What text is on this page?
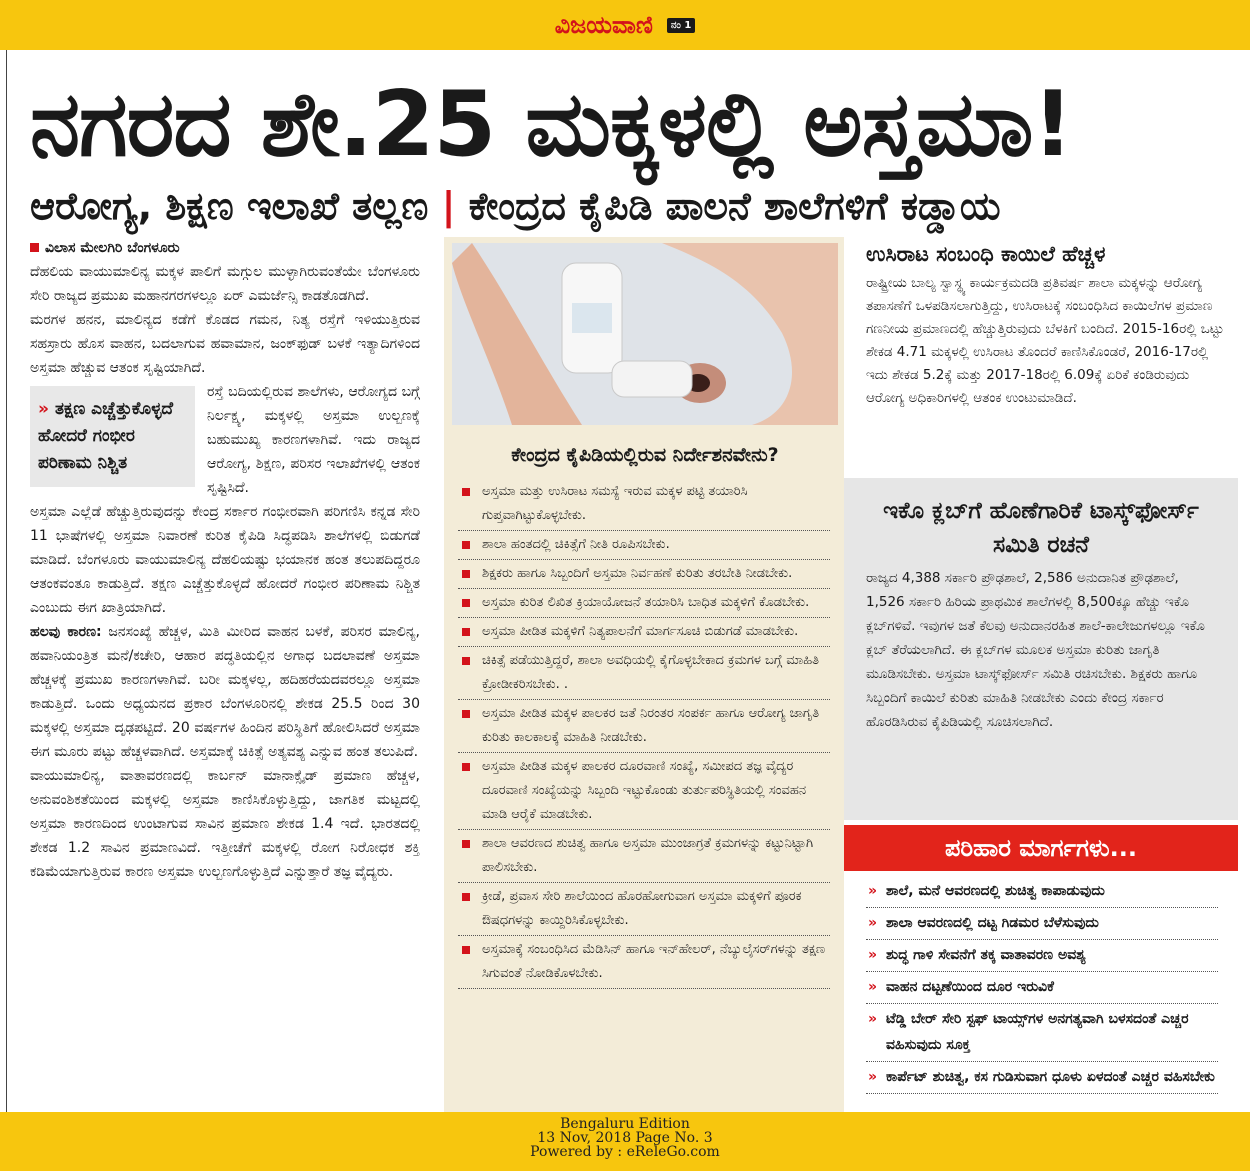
ವಿಜಯವಾಣಿ	ನಂ 1
ನಗರದ ಶೇ.25 ಮಕ್ಕಳಲ್ಲಿ ಅಸ್ತಮಾ!
ಆರೋಗ್ಯ, ಶಿಕ್ಷಣ ಇಲಾಖೆ ತಲ್ಲಣ | ಕೇಂದ್ರದ ಕೈಪಿಡಿ ಪಾಲನೆ ಶಾಲೆಗಳಿಗೆ ಕಡ್ಡಾಯ

ವಿಲಾಸ ಮೇಲಗಿರಿ ಬೆಂಗಳೂರು

ದೆಹಲಿಯ ವಾಯುಮಾಲಿನ್ಯ ಮಕ್ಕಳ ಪಾಲಿಗೆ ಮಗ್ಗುಲ ಮುಳ್ಳಾಗಿರುವಂತೆಯೇ ಬೆಂಗಳೂರು ಸೇರಿ ರಾಜ್ಯದ ಪ್ರಮುಖ ಮಹಾನಗರಗಳಲ್ಲೂ ಏರ್ ಎಮರ್ಜೆನ್ಸಿ ಕಾಡತೊಡಗಿದೆ.

ಮರಗಳ ಹನನ, ಮಾಲಿನ್ಯದ ಕಡೆಗೆ ಕೊಡದ ಗಮನ, ನಿತ್ಯ ರಸ್ತೆಗೆ ಇಳಿಯುತ್ತಿರುವ ಸಹಸ್ರಾರು ಹೊಸ ವಾಹನ, ಬದಲಾಗುವ ಹವಾಮಾನ, ಜಂಕ್‌ಫುಡ್ ಬಳಕೆ ಇತ್ಯಾದಿಗಳಿಂದ ಅಸ್ತಮಾ ಹೆಚ್ಚುವ ಆತಂಕ ಸೃಷ್ಟಿಯಾಗಿದೆ.

» ತಕ್ಷಣ ಎಚ್ಚೆತ್ತುಕೊಳ್ಳದೆ ಹೋದರೆ ಗಂಭೀರ ಪರಿಣಾಮ ನಿಶ್ಚಿತ

ರಸ್ತೆ ಬದಿಯಲ್ಲಿರುವ ಶಾಲೆಗಳು, ಆರೋಗ್ಯದ ಬಗ್ಗೆ ನಿರ್ಲಕ್ಷ್ಯ, ಮಕ್ಕಳಲ್ಲಿ ಅಸ್ತಮಾ ಉಲ್ಬಣಕ್ಕೆ ಬಹುಮುಖ್ಯ ಕಾರಣಗಳಾಗಿವೆ. ಇದು ರಾಜ್ಯದ ಆರೋಗ್ಯ, ಶಿಕ್ಷಣ, ಪರಿಸರ ಇಲಾಖೆಗಳಲ್ಲಿ ಆತಂಕ ಸೃಷ್ಟಿಸಿದೆ.

ಅಸ್ತಮಾ ಎಲ್ಲೆಡೆ ಹೆಚ್ಚುತ್ತಿರುವುದನ್ನು ಕೇಂದ್ರ ಸರ್ಕಾರ ಗಂಭೀರವಾಗಿ ಪರಿಗಣಿಸಿ ಕನ್ನಡ ಸೇರಿ 11 ಭಾಷೆಗಳಲ್ಲಿ ಅಸ್ತಮಾ ನಿವಾರಣೆ ಕುರಿತ ಕೈಪಿಡಿ ಸಿದ್ಧಪಡಿಸಿ ಶಾಲೆಗಳಲ್ಲಿ ಬಿಡುಗಡೆ ಮಾಡಿದೆ. ಬೆಂಗಳೂರು ವಾಯುಮಾಲಿನ್ಯ ದೆಹಲಿಯಷ್ಟು ಭಯಾನಕ ಹಂತ ತಲುಪದಿದ್ದರೂ ಆತಂಕವಂತೂ ಕಾಡುತ್ತಿದೆ. ತಕ್ಷಣ ಎಚ್ಚೆತ್ತುಕೊಳ್ಳದೆ ಹೋದರೆ ಗಂಭೀರ ಪರಿಣಾಮ ನಿಶ್ಚಿತ ಎಂಬುದು ಈಗ ಖಾತ್ರಿಯಾಗಿದೆ.

ಹಲವು ಕಾರಣ: ಜನಸಂಖ್ಯೆ ಹೆಚ್ಚಳ, ಮಿತಿ ಮೀರಿದ ವಾಹನ ಬಳಕೆ, ಪರಿಸರ ಮಾಲಿನ್ಯ, ಹವಾನಿಯಂತ್ರಿತ ಮನೆ/ಕಚೇರಿ, ಆಹಾರ ಪದ್ಧತಿಯಲ್ಲಿನ ಅಗಾಧ ಬದಲಾವಣೆ ಅಸ್ತಮಾ ಹೆಚ್ಚಳಕ್ಕೆ ಪ್ರಮುಖ ಕಾರಣಗಳಾಗಿವೆ. ಬರೀ ಮಕ್ಕಳಲ್ಲ, ಹದಿಹರೆಯದವರಲ್ಲೂ ಅಸ್ತಮಾ ಕಾಡುತ್ತಿದೆ. ಒಂದು ಅಧ್ಯಯನದ ಪ್ರಕಾರ ಬೆಂಗಳೂರಿನಲ್ಲಿ ಶೇಕಡ 25.5 ರಿಂದ 30 ಮಕ್ಕಳಲ್ಲಿ ಅಸ್ತಮಾ ದೃಢಪಟ್ಟಿದೆ. 20 ವರ್ಷಗಳ ಹಿಂದಿನ ಪರಿಸ್ಥಿತಿಗೆ ಹೋಲಿಸಿದರೆ ಅಸ್ತಮಾ ಈಗ ಮೂರು ಪಟ್ಟು ಹೆಚ್ಚಳವಾಗಿದೆ. ಅಸ್ತಮಾಕ್ಕೆ ಚಿಕಿತ್ಸೆ ಅತ್ಯವಶ್ಯ ಎನ್ನುವ ಹಂತ ತಲುಪಿದೆ.

ವಾಯುಮಾಲಿನ್ಯ, ವಾತಾವರಣದಲ್ಲಿ ಕಾರ್ಬನ್ ಮಾನಾಕ್ಸೈಡ್ ಪ್ರಮಾಣ ಹೆಚ್ಚಳ, ಅನುವಂಶಿಕತೆಯಿಂದ ಮಕ್ಕಳಲ್ಲಿ ಅಸ್ತಮಾ ಕಾಣಿಸಿಕೊಳ್ಳುತ್ತಿದ್ದು, ಜಾಗತಿಕ ಮಟ್ಟದಲ್ಲಿ ಅಸ್ತಮಾ ಕಾರಣದಿಂದ ಉಂಟಾಗುವ ಸಾವಿನ ಪ್ರಮಾಣ ಶೇಕಡ 1.4 ಇದೆ. ಭಾರತದಲ್ಲಿ ಶೇಕಡ 1.2 ಸಾವಿನ ಪ್ರಮಾಣವಿದೆ. ಇತ್ತೀಚೆಗೆ ಮಕ್ಕಳಲ್ಲಿ ರೋಗ ನಿರೋಧಕ ಶಕ್ತಿ ಕಡಿಮೆಯಾಗುತ್ತಿರುವ ಕಾರಣ ಅಸ್ತಮಾ ಉಲ್ಬಣಗೊಳ್ಳುತ್ತಿದೆ ಎನ್ನುತ್ತಾರೆ ತಜ್ಞ ವೈದ್ಯರು.

ಕೇಂದ್ರದ ಕೈಪಿಡಿಯಲ್ಲಿರುವ ನಿರ್ದೇಶನವೇನು?
ಅಸ್ತಮಾ ಮತ್ತು ಉಸಿರಾಟ ಸಮಸ್ಯೆ ಇರುವ ಮಕ್ಕಳ ಪಟ್ಟಿ ತಯಾರಿಸಿ ಗುಪ್ತವಾಗಿಟ್ಟುಕೊಳ್ಳಬೇಕು.
ಶಾಲಾ ಹಂತದಲ್ಲಿ ಚಿಕಿತ್ಸೆಗೆ ನೀತಿ ರೂಪಿಸಬೇಕು.
ಶಿಕ್ಷಕರು ಹಾಗೂ ಸಿಬ್ಬಂದಿಗೆ ಅಸ್ತಮಾ ನಿರ್ವಹಣೆ ಕುರಿತು ತರಬೇತಿ ನೀಡಬೇಕು.
ಅಸ್ತಮಾ ಕುರಿತ ಲಿಖಿತ ಕ್ರಿಯಾಯೋಜನೆ ತಯಾರಿಸಿ ಬಾಧಿತ ಮಕ್ಕಳಿಗೆ ಕೊಡಬೇಕು.
ಅಸ್ತಮಾ ಪೀಡಿತ ಮಕ್ಕಳಿಗೆ ನಿತ್ಯಪಾಲನೆಗೆ ಮಾರ್ಗಸೂಚಿ ಬಿಡುಗಡೆ ಮಾಡಬೇಕು.
ಚಿಕಿತ್ಸೆ ಪಡೆಯುತ್ತಿದ್ದರೆ, ಶಾಲಾ ಅವಧಿಯಲ್ಲಿ ಕೈಗೊಳ್ಳಬೇಕಾದ ಕ್ರಮಗಳ ಬಗ್ಗೆ ಮಾಹಿತಿ ಕ್ರೋಡೀಕರಿಸಬೇಕು. .
ಅಸ್ತಮಾ ಪೀಡಿತ ಮಕ್ಕಳ ಪಾಲಕರ ಜತೆ ನಿರಂತರ ಸಂಪರ್ಕ ಹಾಗೂ ಆರೋಗ್ಯ ಜಾಗೃತಿ ಕುರಿತು ಕಾಲಕಾಲಕ್ಕೆ ಮಾಹಿತಿ ನೀಡಬೇಕು.
ಅಸ್ತಮಾ ಪೀಡಿತ ಮಕ್ಕಳ ಪಾಲಕರ ದೂರವಾಣಿ ಸಂಖ್ಯೆ, ಸಮೀಪದ ತಜ್ಞ ವೈದ್ಯರ ದೂರವಾಣಿ ಸಂಖ್ಯೆಯನ್ನು ಸಿಬ್ಬಂದಿ ಇಟ್ಟುಕೊಂಡು ತುರ್ತುಪರಿಸ್ಥಿತಿಯಲ್ಲಿ ಸಂವಹನ ಮಾಡಿ ಆರೈಕೆ ಮಾಡಬೇಕು.
ಶಾಲಾ ಆವರಣದ ಶುಚಿತ್ವ ಹಾಗೂ ಅಸ್ತಮಾ ಮುಂಜಾಗ್ರತೆ ಕ್ರಮಗಳನ್ನು ಕಟ್ಟುನಿಟ್ಟಾಗಿ ಪಾಲಿಸಬೇಕು.
ಕ್ರೀಡೆ, ಪ್ರವಾಸ ಸೇರಿ ಶಾಲೆಯಿಂದ ಹೊರಹೋಗುವಾಗ ಅಸ್ತಮಾ ಮಕ್ಕಳಿಗೆ ಪೂರಕ ಔಷಧಗಳನ್ನು ಕಾಯ್ದಿರಿಸಿಕೊಳ್ಳಬೇಕು.
ಅಸ್ತಮಾಕ್ಕೆ ಸಂಬಂಧಿಸಿದ ಮೆಡಿಸಿನ್ ಹಾಗೂ ಇನ್‌ಹೇಲರ್, ನೆಬ್ಯುಲೈಸರ್‌ಗಳನ್ನು ತಕ್ಷಣ ಸಿಗುವಂತೆ ನೋಡಿಕೊಳಬೇಕು.
ಉಸಿರಾಟ ಸಂಬಂಧಿ ಕಾಯಿಲೆ ಹೆಚ್ಚಳ

ರಾಷ್ಟ್ರೀಯ ಬಾಲ್ಯ ಸ್ವಾಸ್ಥ್ಯ ಕಾರ್ಯಕ್ರಮದಡಿ ಪ್ರತಿವರ್ಷ ಶಾಲಾ ಮಕ್ಕಳನ್ನು ಆರೋಗ್ಯ ತಪಾಸಣೆಗೆ ಒಳಪಡಿಸಲಾಗುತ್ತಿದ್ದು, ಉಸಿರಾಟಕ್ಕೆ ಸಂಬಂಧಿಸಿದ ಕಾಯಿಲೆಗಳ ಪ್ರಮಾಣ ಗಣನೀಯ ಪ್ರಮಾಣದಲ್ಲಿ ಹೆಚ್ಚುತ್ತಿರುವುದು ಬೆಳಕಿಗೆ ಬಂದಿದೆ. 2015-16ರಲ್ಲಿ ಒಟ್ಟು ಶೇಕಡ 4.71 ಮಕ್ಕಳಲ್ಲಿ ಉಸಿರಾಟ ತೊಂದರೆ ಕಾಣಿಸಿಕೊಂಡರೆ, 2016-17ರಲ್ಲಿ ಇದು ಶೇಕಡ 5.2ಕ್ಕೆ ಮತ್ತು 2017-18ರಲ್ಲಿ 6.09ಕ್ಕೆ ಏರಿಕೆ ಕಂಡಿರುವುದು ಆರೋಗ್ಯ ಅಧಿಕಾರಿಗಳಲ್ಲಿ ಆತಂಕ ಉಂಟುಮಾಡಿದೆ.

ಇಕೊ ಕ್ಲಬ್‌ಗೆ ಹೊಣೆಗಾರಿಕೆ ಟಾಸ್ಕ್‌ಫೋರ್ಸ್ ಸಮಿತಿ ರಚನೆ
ರಾಜ್ಯದ 4,388 ಸರ್ಕಾರಿ ಪ್ರೌಢಶಾಲೆ, 2,586 ಅನುದಾನಿತ ಪ್ರೌಢಶಾಲೆ, 1,526 ಸರ್ಕಾರಿ ಹಿರಿಯ ಪ್ರಾಥಮಿಕ ಶಾಲೆಗಳಲ್ಲಿ 8,500ಕ್ಕೂ ಹೆಚ್ಚು ಇಕೊ ಕ್ಲಬ್‌ಗಳಿವೆ. ಇವುಗಳ ಜತೆ ಕೆಲವು ಅನುದಾನರಹಿತ ಶಾಲೆ-ಕಾಲೇಜುಗಳಲ್ಲೂ ಇಕೊ ಕ್ಲಬ್ ತೆರೆಯಲಾಗಿದೆ. ಈ ಕ್ಲಬ್‌ಗಳ ಮೂಲಕ ಅಸ್ತಮಾ ಕುರಿತು ಜಾಗೃತಿ ಮೂಡಿಸಬೇಕು. ಅಸ್ತಮಾ ಟಾಸ್ಕ್‌ಫೋರ್ಸ್ ಸಮಿತಿ ರಚಿಸಬೇಕು. ಶಿಕ್ಷಕರು ಹಾಗೂ ಸಿಬ್ಬಂದಿಗೆ ಕಾಯಿಲೆ ಕುರಿತು ಮಾಹಿತಿ ನೀಡಬೇಕು ಎಂದು ಕೇಂದ್ರ ಸರ್ಕಾರ ಹೊರಡಿಸಿರುವ ಕೈಪಿಡಿಯಲ್ಲಿ ಸೂಚಿಸಲಾಗಿದೆ.
ಪರಿಹಾರ ಮಾರ್ಗಗಳು...
» ಶಾಲೆ, ಮನೆ ಆವರಣದಲ್ಲಿ ಶುಚಿತ್ವ ಕಾಪಾಡುವುದು
» ಶಾಲಾ ಆವರಣದಲ್ಲಿ ದಟ್ಟ ಗಿಡಮರ ಬೆಳೆಸುವುದು
» ಶುದ್ಧ ಗಾಳಿ ಸೇವನೆಗೆ ತಕ್ಕ ವಾತಾವರಣ ಅವಶ್ಯ
» ವಾಹನ ದಟ್ಟಣೆಯಿಂದ ದೂರ ಇರುವಿಕೆ
» ಟೆಡ್ಡಿ ಬೇರ್ ಸೇರಿ ಸ್ಟಫ್ ಟಾಯ್ಸ್‌ಗಳ ಅನಗತ್ಯವಾಗಿ ಬಳಸದಂತೆ ಎಚ್ಚರ ವಹಿಸುವುದು ಸೂಕ್ತ
» ಕಾರ್ಪೆಟ್ ಶುಚಿತ್ವ, ಕಸ ಗುಡಿಸುವಾಗ ಧೂಳು ಏಳದಂತೆ ಎಚ್ಚರ ವಹಿಸಬೇಕು
Bengaluru Edition
13 Nov, 2018 Page No. 3
Powered by : eReleGo.com
